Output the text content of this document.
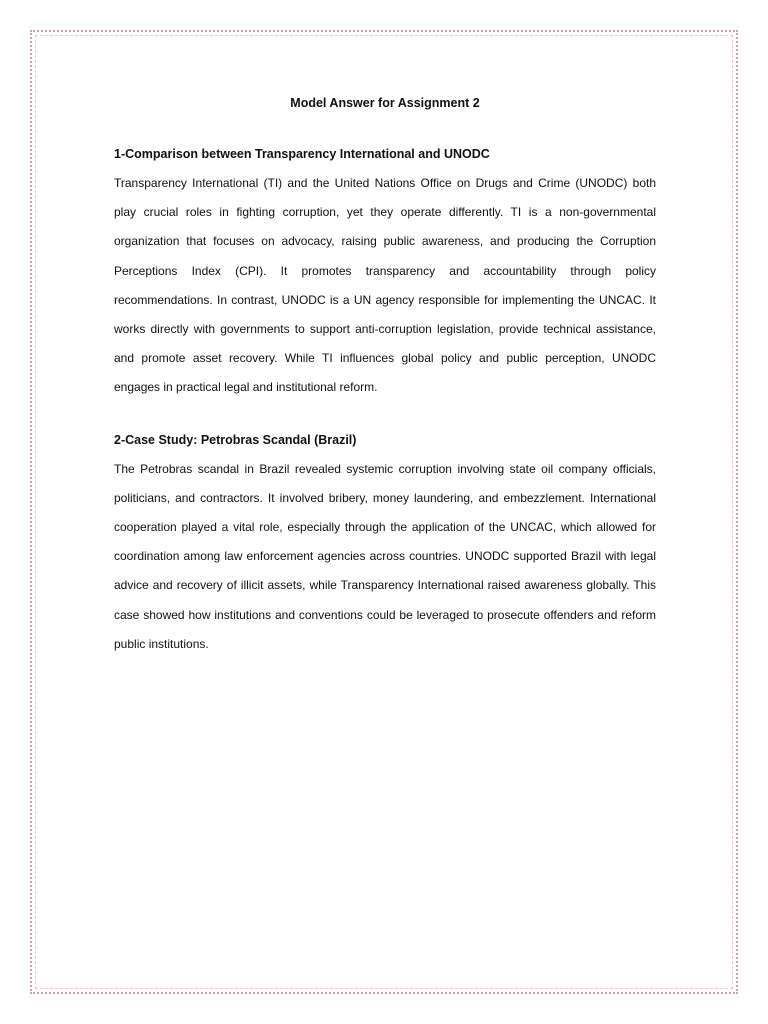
Model Answer for Assignment 2
1-Comparison between Transparency International and UNODC
Transparency International (TI) and the United Nations Office on Drugs and Crime (UNODC) both play crucial roles in fighting corruption, yet they operate differently. TI is a non-governmental organization that focuses on advocacy, raising public awareness, and producing the Corruption Perceptions Index (CPI). It promotes transparency and accountability through policy recommendations. In contrast, UNODC is a UN agency responsible for implementing the UNCAC. It works directly with governments to support anti-corruption legislation, provide technical assistance, and promote asset recovery. While TI influences global policy and public perception, UNODC engages in practical legal and institutional reform.
2-Case Study: Petrobras Scandal (Brazil)
The Petrobras scandal in Brazil revealed systemic corruption involving state oil company officials, politicians, and contractors. It involved bribery, money laundering, and embezzlement. International cooperation played a vital role, especially through the application of the UNCAC, which allowed for coordination among law enforcement agencies across countries. UNODC supported Brazil with legal advice and recovery of illicit assets, while Transparency International raised awareness globally. This case showed how institutions and conventions could be leveraged to prosecute offenders and reform public institutions.
